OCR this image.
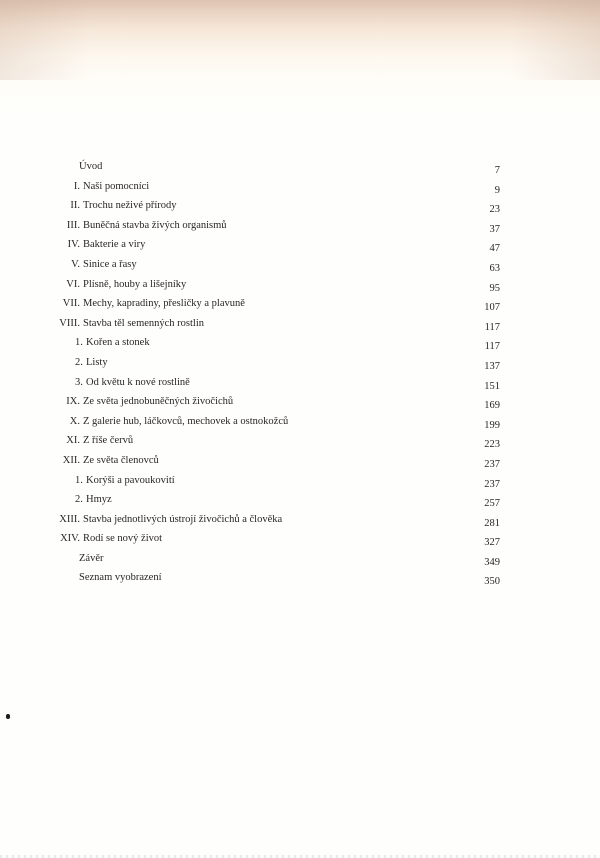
Úvod	7
I. Naši pomocníci	9
II. Trochu neživé přírody	23
III. Buněčná stavba živých organismů	37
IV. Bakterie a viry	47
V. Sinice a řasy	63
VI. Plísně, houby a lišejníky	95
VII. Mechy, kapradiny, přesličky a plavuně	107
VIII. Stavba těl semenných rostlin	117
1. Kořen a stonek	117
2. Listy	137
3. Od květu k nové rostlině	151
IX. Ze světa jednobuněčných živočichů	169
X. Z galerie hub, láčkovců, mechovek a ostnokožců	199
XI. Z říše červů	223
XII. Ze světa členovců	237
1. Korýši a pavoukovití	237
2. Hmyz	257
XIII. Stavba jednotlivých ústrojí živočichů a člověka	281
XIV. Rodí se nový život	327
Závěr	349
Seznam vyobrazení	350
